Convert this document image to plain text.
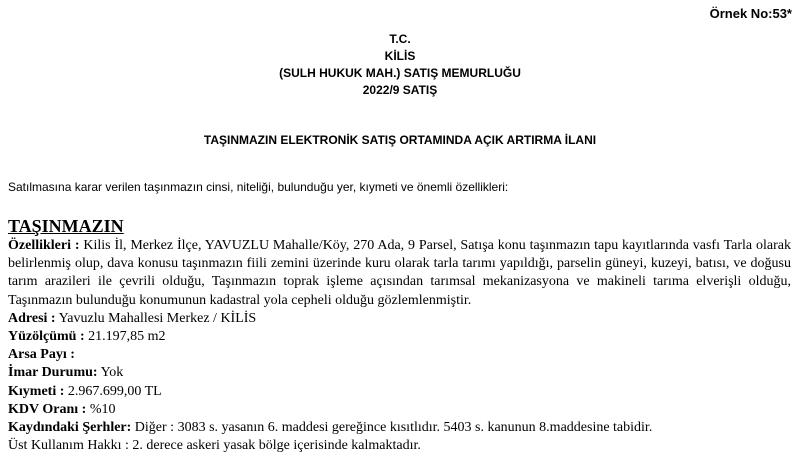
Örnek No:53*
T.C.
KİLİS
(SULH HUKUK MAH.) SATIŞ MEMURLUĞU
2022/9 SATIŞ
TAŞINMAZIN ELEKTRONİK SATIŞ ORTAMINDA AÇIK ARTIRMA İLANI
Satılmasına karar verilen taşınmazın cinsi, niteliği, bulunduğu yer, kıymeti ve önemli özellikleri:
TAŞINMAZIN

Özellikleri : Kilis İl, Merkez İlçe, YAVUZLU Mahalle/Köy, 270 Ada, 9 Parsel, Satışa konu taşınmazın tapu kayıtlarında vasfı Tarla olarak belirlenmiş olup, dava konusu taşınmazın fiili zemini üzerinde kuru olarak tarla tarımı yapıldığı, parselin güneyi, kuzeyi, batısı, ve doğusu tarım arazileri ile çevrili olduğu, Taşınmazın toprak işleme açısından tarımsal mekanizasyona ve makineli tarıma elverişli olduğu, Taşınmazın bulunduğu konumunun kadastral yola cepheli olduğu gözlemlenmiştir.

Adresi : Yavuzlu Mahallesi Merkez / KİLİS

Yüzölçümü : 21.197,85 m2

Arsa Payı :

İmar Durumu: Yok

Kıymeti : 2.967.699,00 TL

KDV Oranı : %10

Kaydındaki Şerhler: Diğer : 3083 s. yasanın 6. maddesi gereğince kısıtlıdır. 5403 s. kanunun 8.maddesine tabidir.

Üst Kullanım Hakkı : 2. derece askeri yasak bölge içerisinde kalmaktadır.
